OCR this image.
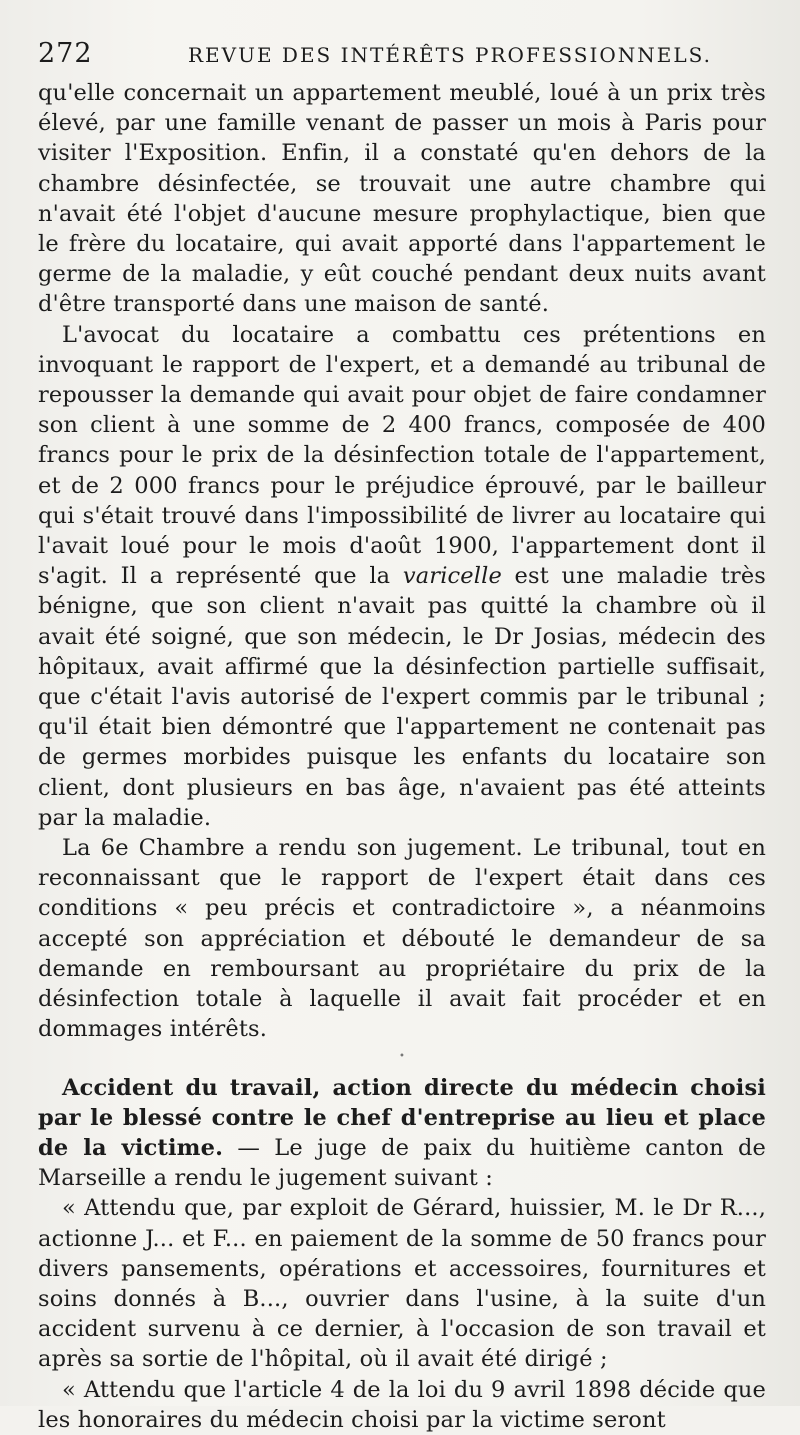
272	REVUE DES INTÉRÊTS PROFESSIONNELS.

qu'elle concernait un appartement meublé, loué à un prix très élevé, par une famille venant de passer un mois à Paris pour visiter l'Exposition. Enfin, il a constaté qu'en dehors de la chambre désinfectée, se trouvait une autre chambre qui n'avait été l'objet d'aucune mesure prophylactique, bien que le frère du locataire, qui avait apporté dans l'appartement le germe de la maladie, y eût couché pendant deux nuits avant d'être transporté dans une maison de santé.

L'avocat du locataire a combattu ces prétentions en invoquant le rapport de l'expert, et a demandé au tribunal de repousser la demande qui avait pour objet de faire condamner son client à une somme de 2 400 francs, composée de 400 francs pour le prix de la désinfection totale de l'appartement, et de 2 000 francs pour le préjudice éprouvé, par le bailleur qui s'était trouvé dans l'impossibilité de livrer au locataire qui l'avait loué pour le mois d'août 1900, l'appartement dont il s'agit. Il a représenté que la varicelle est une maladie très bénigne, que son client n'avait pas quitté la chambre où il avait été soigné, que son médecin, le Dr Josias, médecin des hôpitaux, avait affirmé que la désinfection partielle suffisait, que c'était l'avis autorisé de l'expert commis par le tribunal ; qu'il était bien démontré que l'appartement ne contenait pas de germes morbides puisque les enfants du locataire son client, dont plusieurs en bas âge, n'avaient pas été atteints par la maladie.

La 6e Chambre a rendu son jugement. Le tribunal, tout en reconnaissant que le rapport de l'expert était dans ces conditions « peu précis et contradictoire », a néanmoins accepté son appréciation et débouté le demandeur de sa demande en remboursant au propriétaire du prix de la désinfection totale à laquelle il avait fait procéder et en dommages intérêts.

•

Accident du travail, action directe du médecin choisi par le blessé contre le chef d'entreprise au lieu et place de la victime. — Le juge de paix du huitième canton de Marseille a rendu le jugement suivant :

« Attendu que, par exploit de Gérard, huissier, M. le Dr R..., actionne J... et F... en paiement de la somme de 50 francs pour divers pansements, opérations et accessoires, fournitures et soins donnés à B..., ouvrier dans l'usine, à la suite d'un accident survenu à ce dernier, à l'occasion de son travail et après sa sortie de l'hôpital, où il avait été dirigé ;

« Attendu que l'article 4 de la loi du 9 avril 1898 décide que les honoraires du médecin choisi par la victime seront
